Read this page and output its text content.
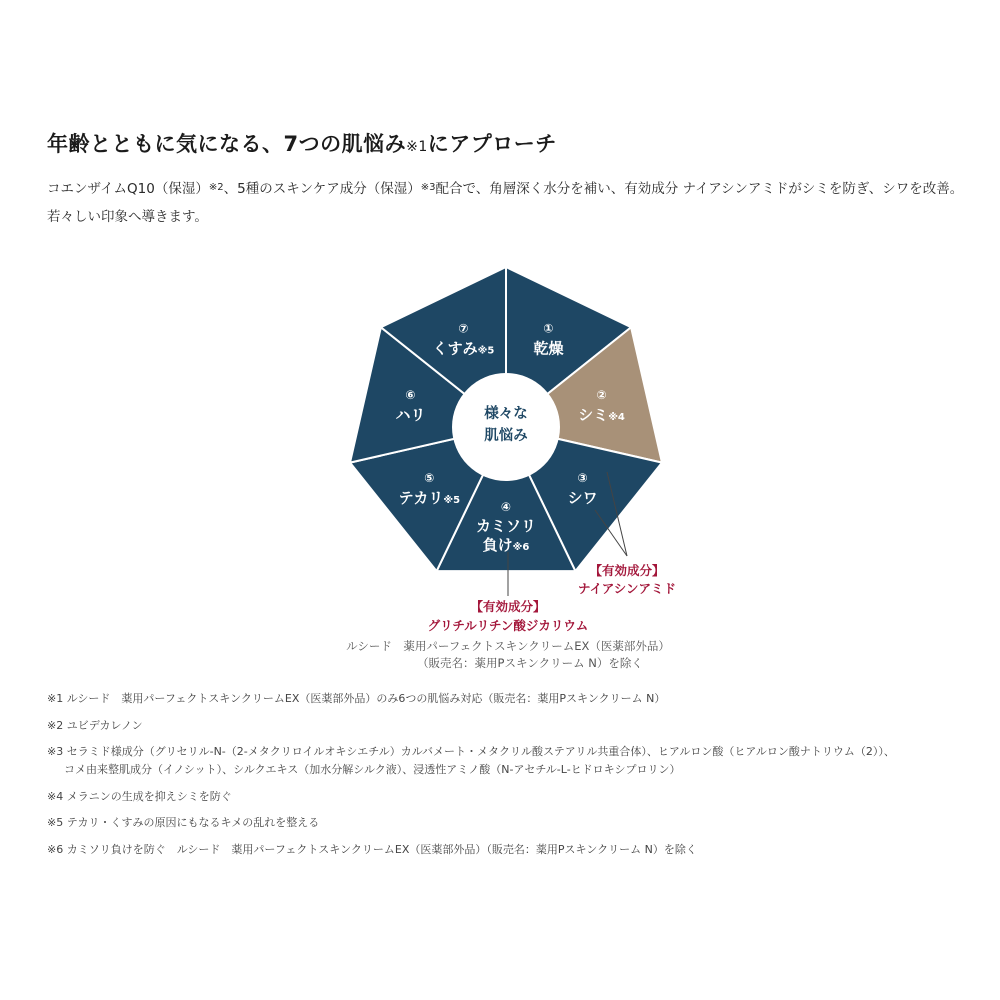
年齢とともに気になる、7つの肌悩み※1にアプローチ
コエンザイムQ10（保湿）$^{※2}$、5種のスキンケア成分（保湿）$^{※3}$配合で、角層深く水分を補い、有効成分 ナイアシンアミドがシミを防ぎ、シワを改善。若々しい印象へ導きます。
様々な
肌悩み
①
乾燥
②
シミ※4
③
シワ
④
カミソリ
負け※6
⑤
テカリ※5
⑥
ハリ
⑦
くすみ※5
【有効成分】
ナイアシンアミド
【有効成分】
グリチルリチン酸ジカリウム
ルシード　薬用パーフェクトスキンクリームEX（医薬部外品）
（販売名：薬用Pスキンクリーム N）を除く
※1 ルシード　薬用パーフェクトスキンクリームEX（医薬部外品）のみ6つの肌悩み対応（販売名：薬用Pスキンクリーム N）
※2 ユビデカレノン
※3 セラミド様成分（グリセリル-N-（2-メタクリロイルオキシエチル）カルバメート・メタクリル酸ステアリル共重合体）、ヒアルロン酸（ヒアルロン酸ナトリウム（2））、
コメ由来整肌成分（イノシット）、シルクエキス（加水分解シルク液）、浸透性アミノ酸（N-アセチル-L-ヒドロキシプロリン）
※4 メラニンの生成を抑えシミを防ぐ
※5 テカリ・くすみの原因にもなるキメの乱れを整える
※6 カミソリ負けを防ぐ　ルシード　薬用パーフェクトスキンクリームEX（医薬部外品）（販売名：薬用Pスキンクリーム N）を除く
